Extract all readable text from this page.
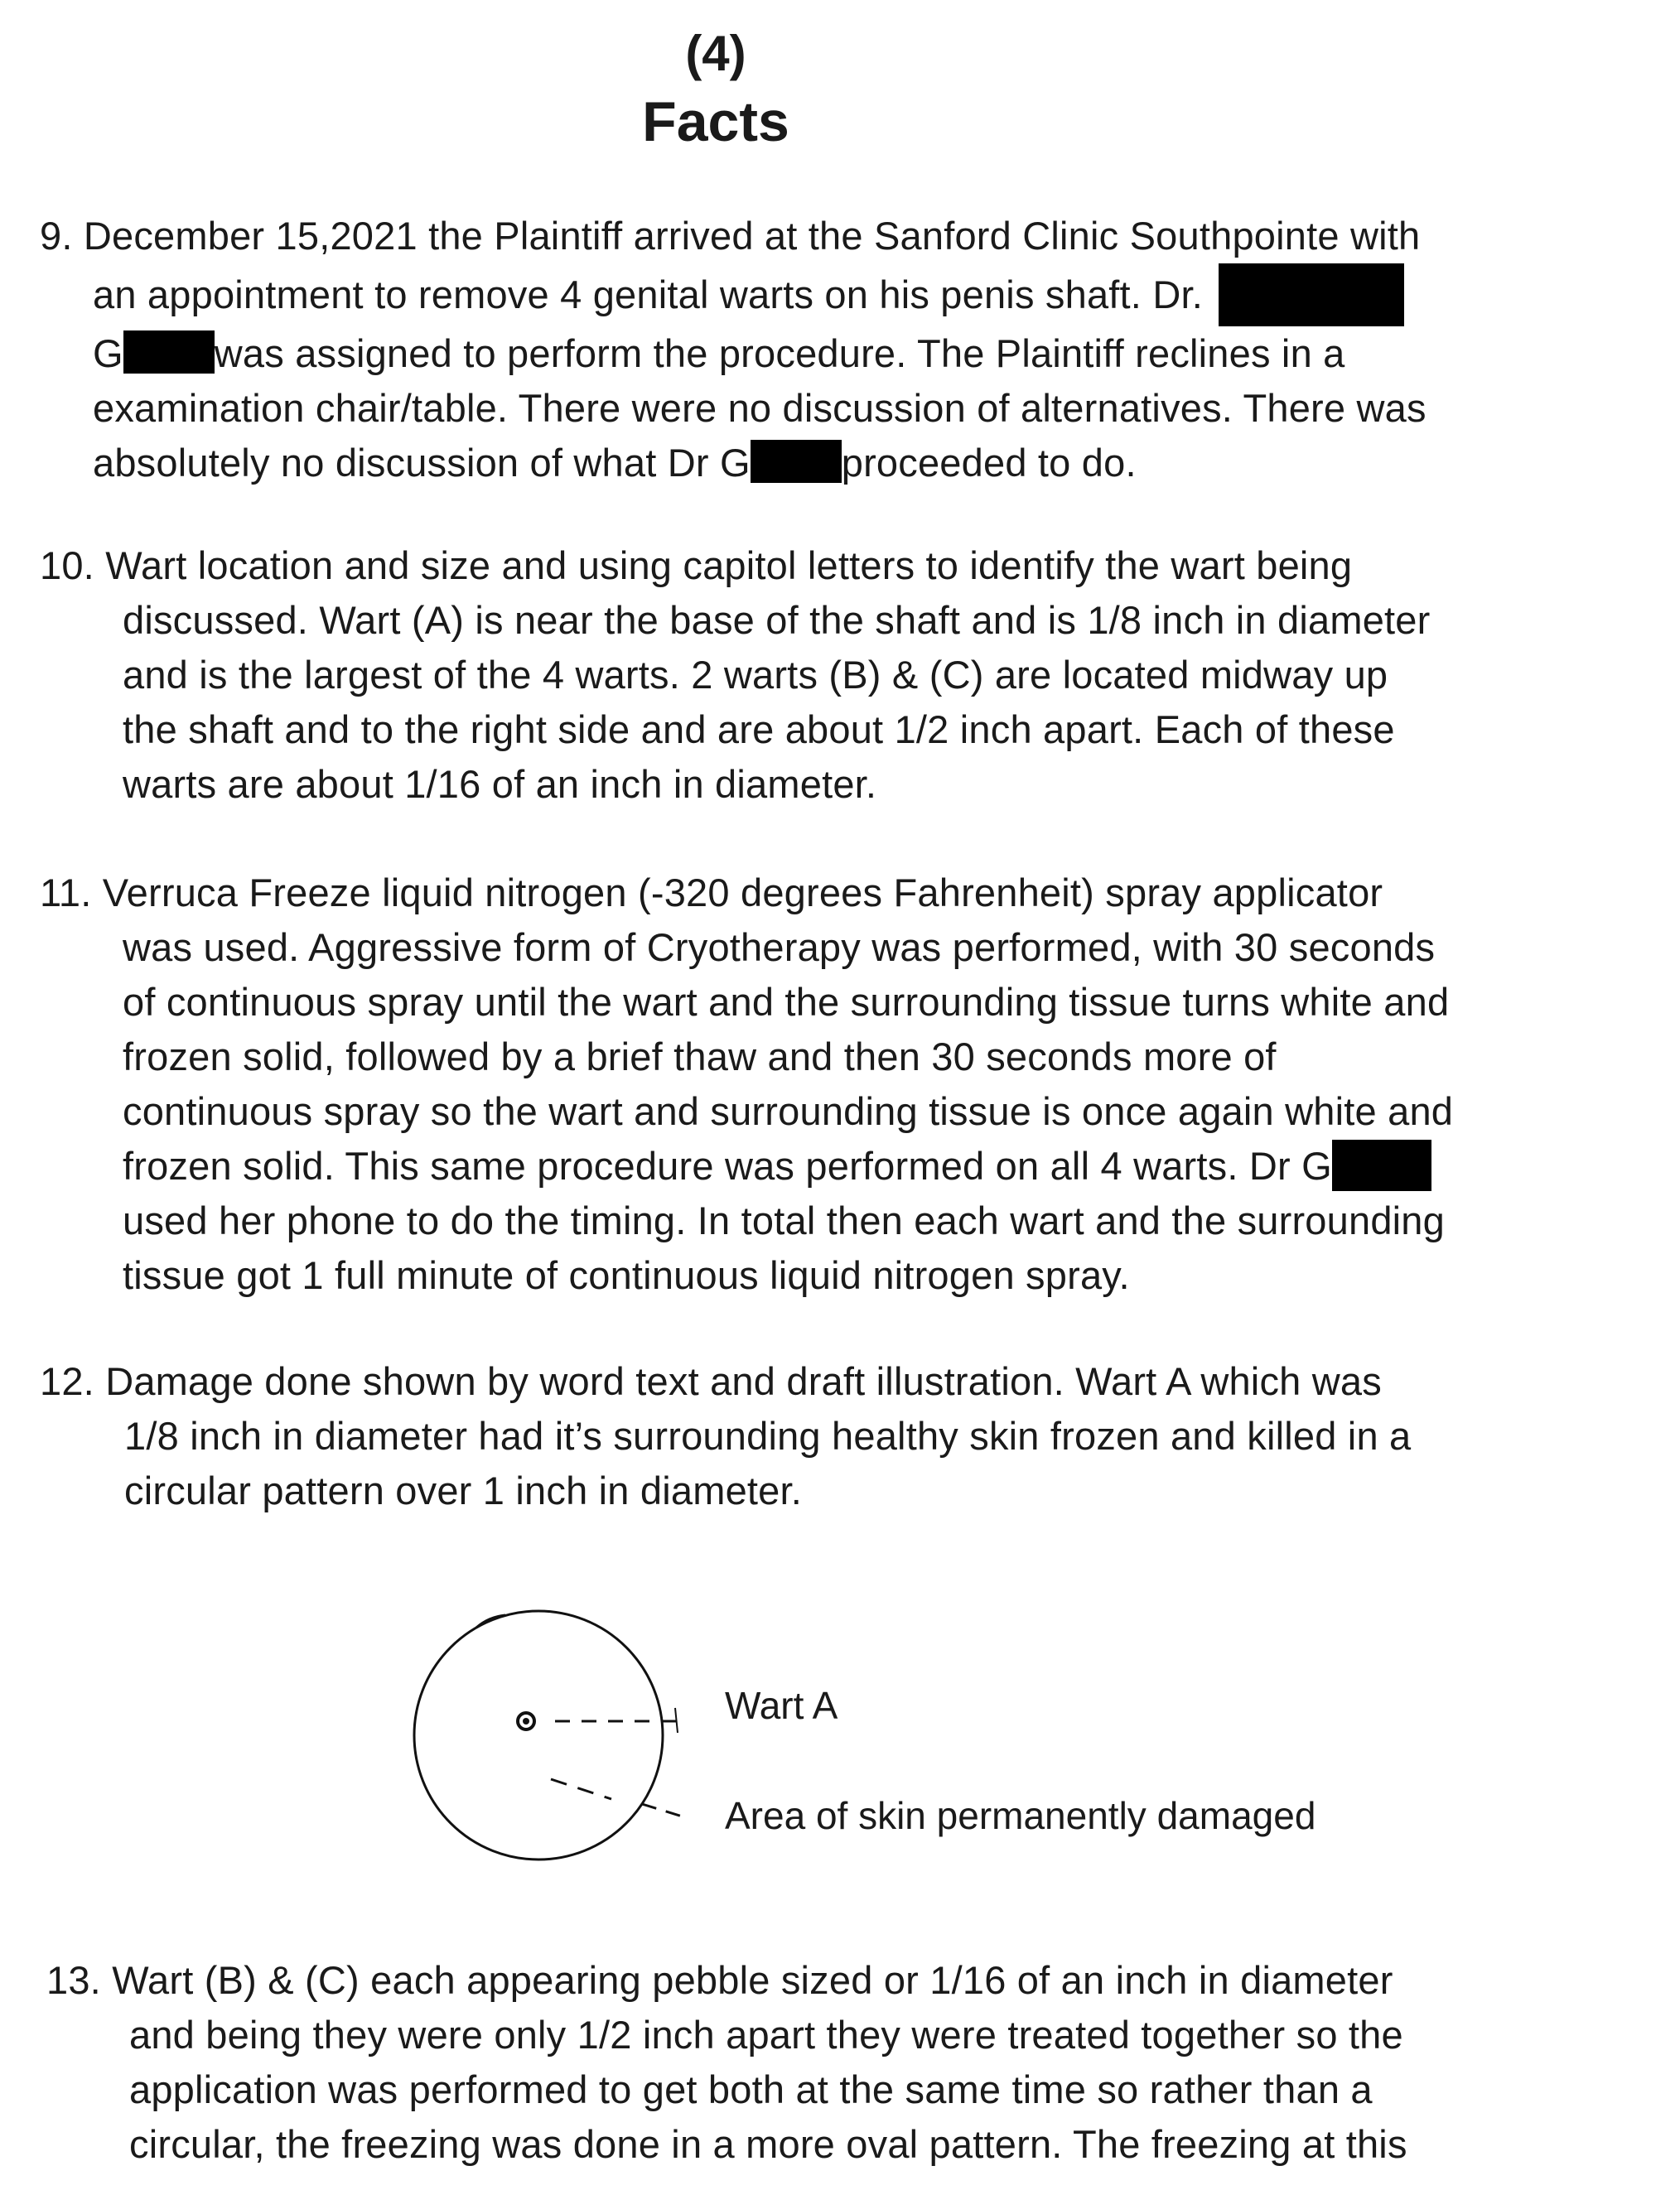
(4)
Facts
9. December 15,2021 the Plaintiff arrived at the Sanford Clinic Southpointe with
an appointment to remove 4 genital warts on his penis shaft. Dr.
G was assigned to perform the procedure. The Plaintiff reclines in a
examination chair/table. There were no discussion of alternatives. There was
absolutely no discussion of what Dr G proceeded to do.
10. Wart location and size and using capitol letters to identify the wart being
discussed. Wart (A) is near the base of the shaft and is 1/8 inch in diameter
and is the largest of the 4 warts. 2 warts (B) & (C) are located midway up
the shaft and to the right side and are about 1/2 inch apart. Each of these
warts are about 1/16 of an inch in diameter.
11. Verruca Freeze liquid nitrogen (-320 degrees Fahrenheit) spray applicator
was used. Aggressive form of Cryotherapy was performed, with 30 seconds
of continuous spray until the wart and the surrounding tissue turns white and
frozen solid, followed by a brief thaw and then 30 seconds more of
continuous spray so the wart and surrounding tissue is once again white and
frozen solid. This same procedure was performed on all 4 warts. Dr G
used her phone to do the timing. In total then each wart and the surrounding
tissue got 1 full minute of continuous liquid nitrogen spray.
12. Damage done shown by word text and draft illustration. Wart A which was
1/8 inch in diameter had it’s surrounding healthy skin frozen and killed in a
circular pattern over 1 inch in diameter.
Wart A
Area of skin permanently damaged
13. Wart (B) & (C) each appearing pebble sized or 1/16 of an inch in diameter
and being they were only 1/2 inch apart they were treated together so the
application was performed to get both at the same time so rather than a
circular, the freezing was done in a more oval pattern. The freezing at this
